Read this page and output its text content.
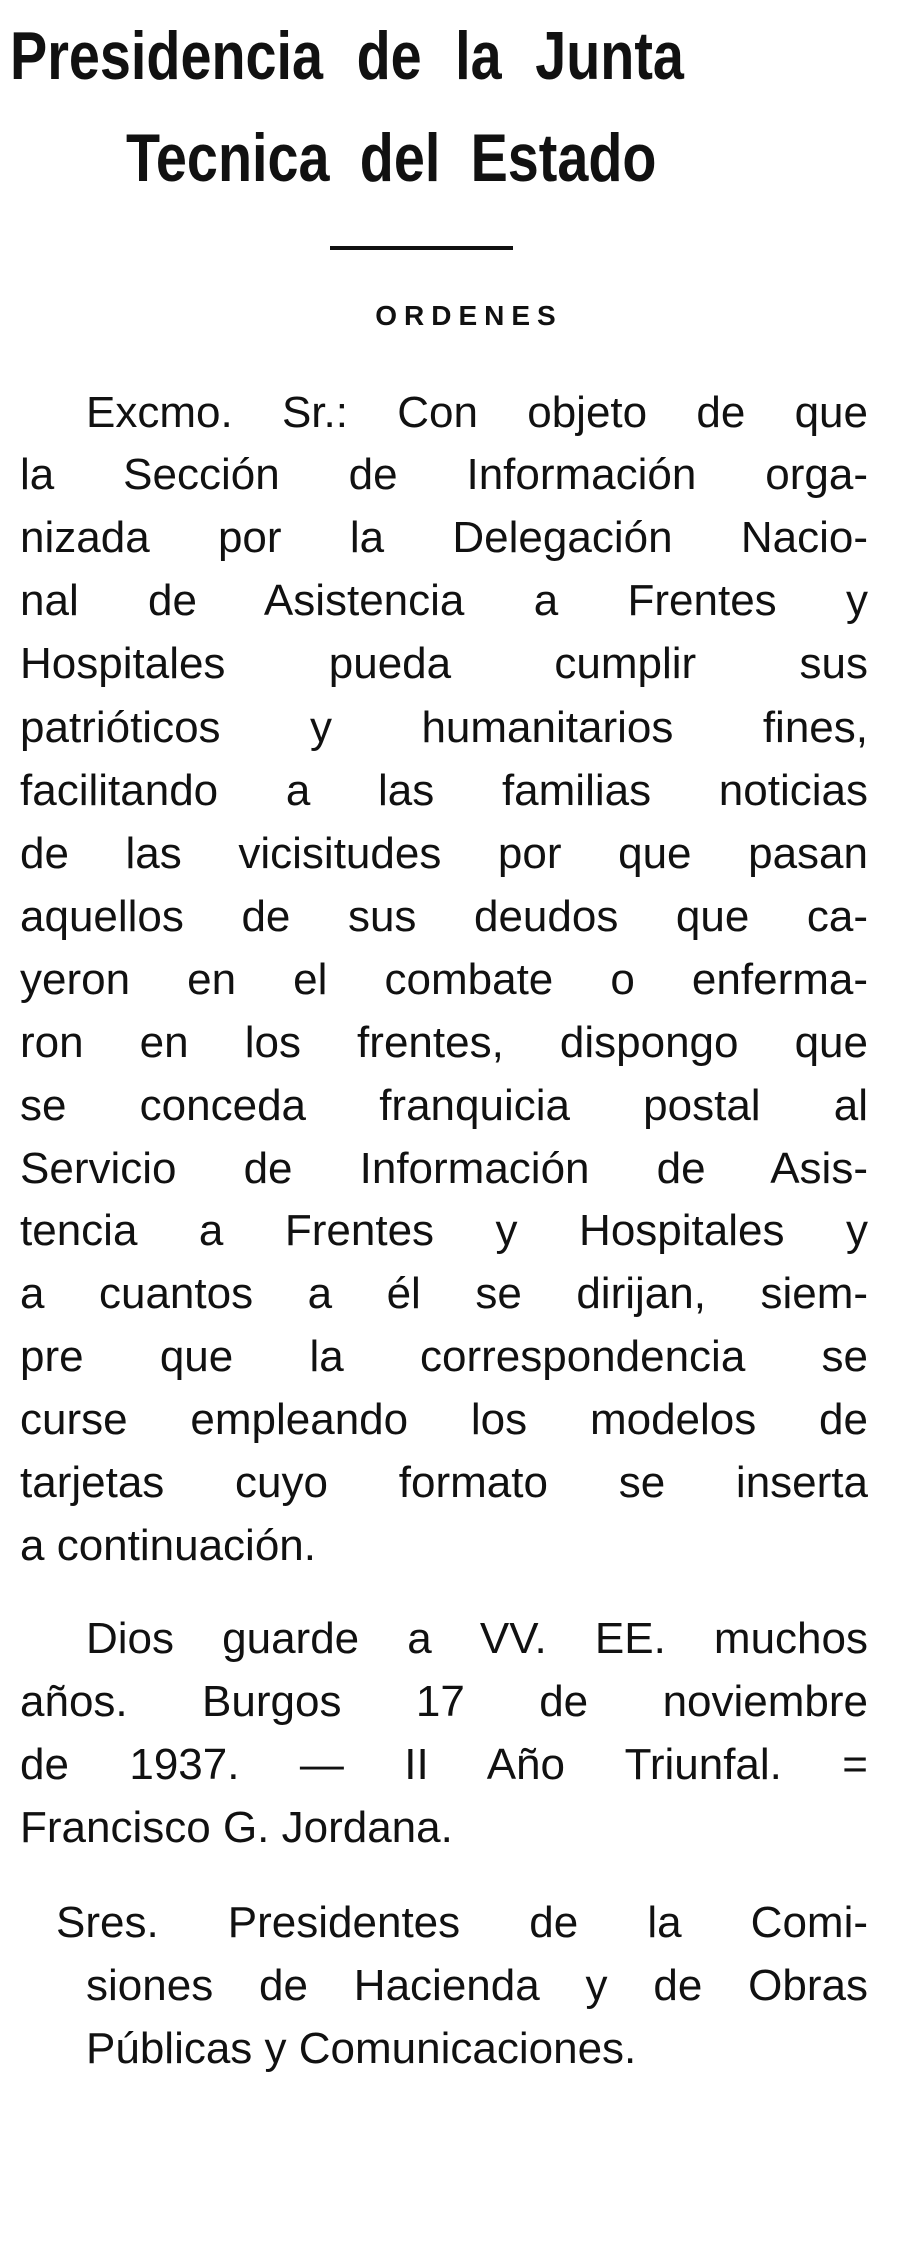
Presidencia de la Junta
Tecnica del Estado
ORDENES
Excmo. Sr.: Con objeto de que
la Sección de Información orga-
nizada por la Delegación Nacio-
nal de Asistencia a Frentes y
Hospitales pueda cumplir sus
patrióticos y humanitarios fines,
facilitando a las familias noticias
de las vicisitudes por que pasan
aquellos de sus deudos que ca-
yeron en el combate o enferma-
ron en los frentes, dispongo que
se conceda franquicia postal al
Servicio de Información de Asis-
tencia a Frentes y Hospitales y
a cuantos a él se dirijan, siem-
pre que la correspondencia se
curse empleando los modelos de
tarjetas cuyo formato se inserta
a continuación.
Dios guarde a VV. EE. muchos
años. Burgos 17 de noviembre
de 1937. — II Año Triunfal. =
Francisco G. Jordana.
Sres. Presidentes de la Comi-
siones de Hacienda y de Obras
Públicas y Comunicaciones.
